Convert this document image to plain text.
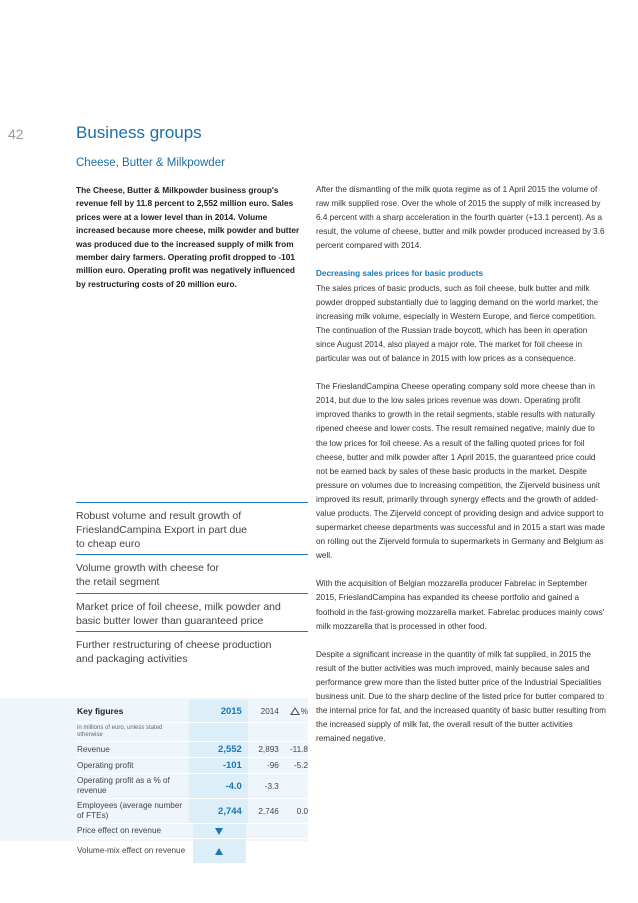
42	Business groups
Cheese, Butter & Milkpowder
The Cheese, Butter & Milkpowder business group's revenue fell by 11.8 percent to 2,552 million euro. Sales prices were at a lower level than in 2014. Volume increased because more cheese, milk powder and butter was produced due to the increased supply of milk from member dairy farmers. Operating profit dropped to -101 million euro. Operating profit was negatively influenced by restructuring costs of 20 million euro.
Robust volume and result growth of
FrieslandCampina Export in part due
to cheap euro
Volume growth with cheese for
the retail segment
Market price of foil cheese, milk powder and
basic butter lower than guaranteed price
Further restructuring of cheese production
and packaging activities
Key figures	2015	2014	%
in millions of euro, unless stated otherwise
Revenue	2,552	2,893	-11.8
Operating profit	-101	-96	-5.2
Operating profit as a % of revenue	-4.0	-3.3
Employees (average number of FTEs)	2,744	2,746	0.0
Price effect on revenue
Volume-mix effect on revenue

After the dismantling of the milk quota regime as of 1 April 2015 the volume of raw milk supplied rose. Over the whole of 2015 the supply of milk increased by 6.4 percent with a sharp acceleration in the fourth quarter (+13.1 percent). As a result, the volume of cheese, butter and milk powder produced increased by 3.6 percent compared with 2014.

Decreasing sales prices for basic products
The sales prices of basic products, such as foil cheese, bulk butter and milk powder dropped substantially due to lagging demand on the world market, the increasing milk volume, especially in Western Europe, and fierce competition. The continuation of the Russian trade boycott, which has been in operation since August 2014, also played a major role. The market for foil cheese in particular was out of balance in 2015 with low prices as a consequence.

The FrieslandCampina Cheese operating company sold more cheese than in 2014, but due to the low sales prices revenue was down. Operating profit improved thanks to growth in the retail segments, stable results with naturally ripened cheese and lower costs. The result remained negative, mainly due to the low prices for foil cheese. As a result of the falling quoted prices for foil cheese, butter and milk powder after 1 April 2015, the guaranteed price could not be earned back by sales of these basic products in the market. Despite pressure on volumes due to increasing competition, the Zijerveld business unit improved its result, primarily through synergy effects and the growth of added-value products. The Zijerveld concept of providing design and advice support to supermarket cheese departments was successful and in 2015 a start was made on rolling out the Zijerveld formula to supermarkets in Germany and Belgium as well.

With the acquisition of Belgian mozzarella producer Fabrelac in September 2015, FrieslandCampina has expanded its cheese portfolio and gained a foothold in the fast-growing mozzarella market. Fabrelac produces mainly cows' milk mozzarella that is processed in other food.

Despite a significant increase in the quantity of milk fat supplied, in 2015 the result of the butter activities was much improved, mainly because sales and performance grew more than the listed butter price of the Industrial Specialities business unit. Due to the sharp decline of the listed price for butter compared to the internal price for fat, and the increased quantity of basic butter resulting from the increased supply of milk fat, the overall result of the butter activities remained negative.
